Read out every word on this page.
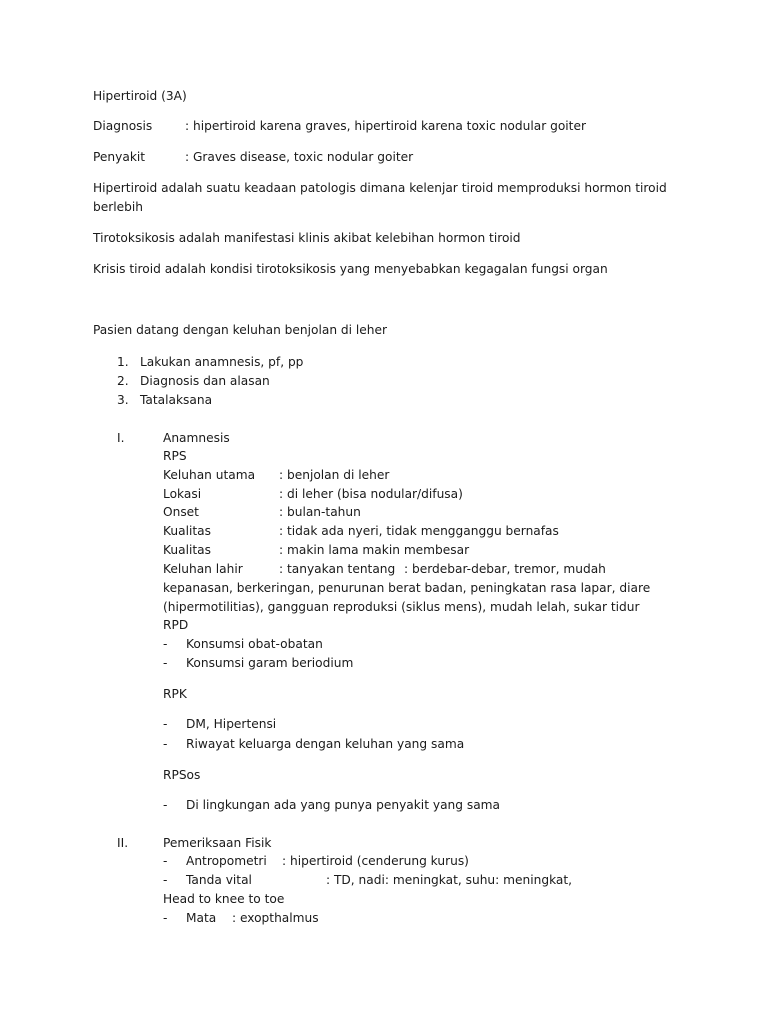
Hipertiroid (3A)
Diagnosis	: hipertiroid karena graves, hipertiroid karena toxic nodular goiter
Penyakit	: Graves disease, toxic nodular goiter
Hipertiroid adalah suatu keadaan patologis dimana kelenjar tiroid memproduksi hormon tiroid
berlebih
Tirotoksikosis adalah manifestasi klinis akibat kelebihan hormon tiroid
Krisis tiroid adalah kondisi tirotoksikosis yang menyebabkan kegagalan fungsi organ
Pasien datang dengan keluhan benjolan di leher
1. Lakukan anamnesis, pf, pp
2. Diagnosis dan alasan
3. Tatalaksana
I.	Anamnesis
RPS
Keluhan utama : benjolan di leher
Lokasi	: di leher (bisa nodular/difusa)
Onset	: bulan-tahun
Kualitas	: tidak ada nyeri, tidak mengganggu bernafas
Kualitas	: makin lama makin membesar
Keluhan lahir	: tanyakan tentang : berdebar-debar, tremor, mudah
kepanasan, berkeringan, penurunan berat badan, peningkatan rasa lapar, diare
(hipermotilitias), gangguan reproduksi (siklus mens), mudah lelah, sukar tidur
RPD
- Konsumsi obat-obatan
- Konsumsi garam beriodium
RPK
- DM, Hipertensi
- Riwayat keluarga dengan keluhan yang sama
RPSos
- Di lingkungan ada yang punya penyakit yang sama
II.	Pemeriksaan Fisik
- Antropometri : hipertiroid (cenderung kurus)
- Tanda vital	: TD, nadi: meningkat, suhu: meningkat,
Head to knee to toe
- Mata : exopthalmus
